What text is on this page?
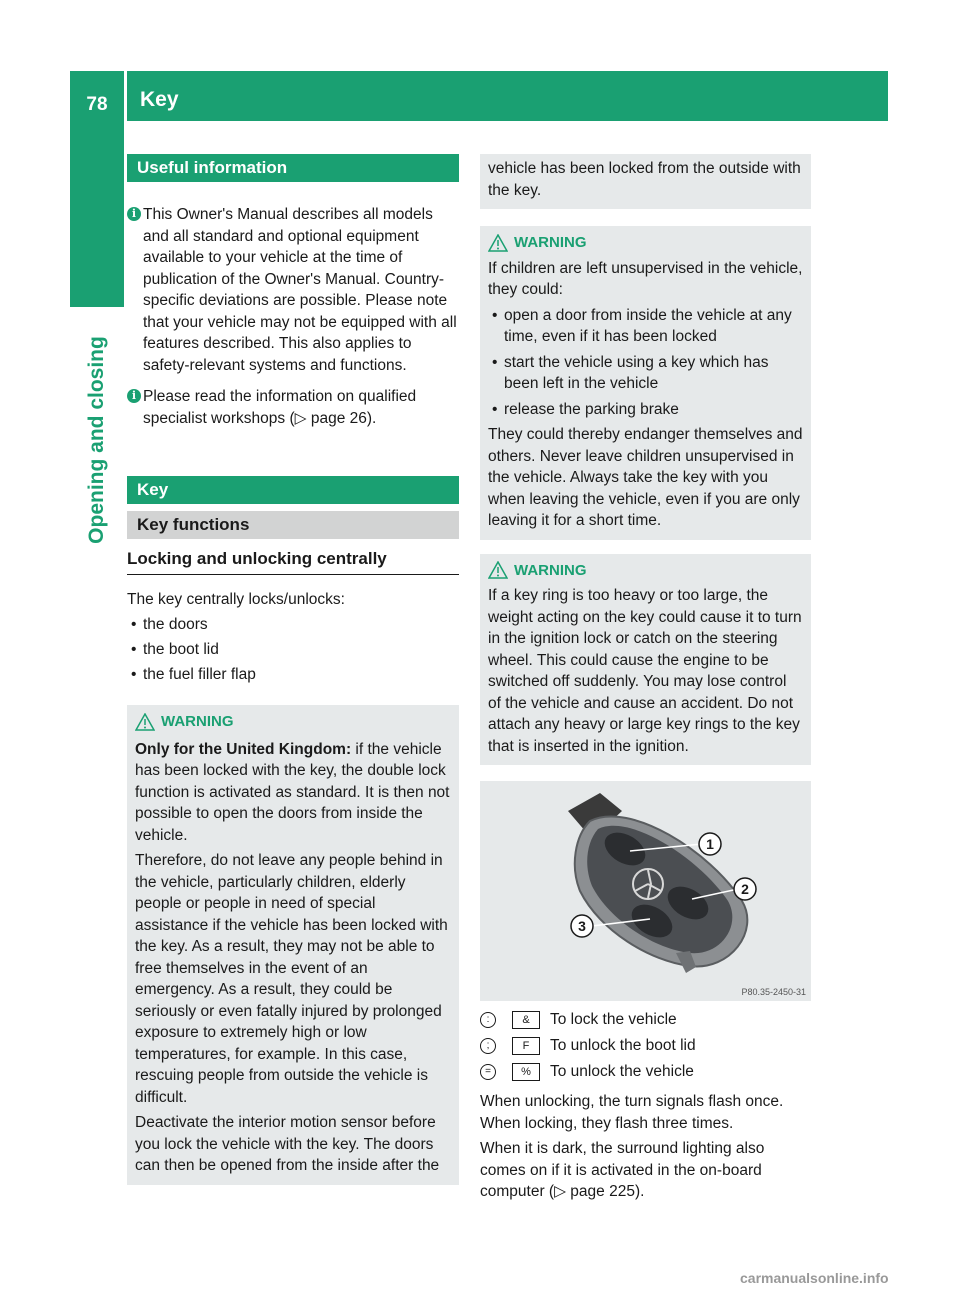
78	Key
Opening and closing
Useful information
i This Owner's Manual describes all models and all standard and optional equipment available to your vehicle at the time of publication of the Owner's Manual. Country-specific deviations are possible. Please note that your vehicle may not be equipped with all features described. This also applies to safety-relevant systems and functions.

i Please read the information on qualified specialist workshops (▷ page 26).

Key
Key functions
Locking and unlocking centrally

The key centrally locks/unlocks:

• the doors
• the boot lid
• the fuel filler flap
WARNING

Only for the United Kingdom: if the vehicle has been locked with the key, the double lock function is activated as standard. It is then not possible to open the doors from inside the vehicle.

Therefore, do not leave any people behind in the vehicle, particularly children, elderly people or people in need of special assistance if the vehicle has been locked with the key. As a result, they may not be able to free themselves in the event of an emergency. As a result, they could be seriously or even fatally injured by prolonged exposure to extremely high or low temperatures, for example. In this case, rescuing people from outside the vehicle is difficult.

Deactivate the interior motion sensor before you lock the vehicle with the key. The doors can then be opened from the inside after the

vehicle has been locked from the outside with the key.

WARNING

If children are left unsupervised in the vehicle, they could:

• open a door from inside the vehicle at any time, even if it has been locked
• start the vehicle using a key which has been left in the vehicle
• release the parking brake

They could thereby endanger themselves and others. Never leave children unsupervised in the vehicle. Always take the key with you when leaving the vehicle, even if you are only leaving it for a short time.

WARNING

If a key ring is too heavy or too large, the weight acting on the key could cause it to turn in the ignition lock or catch on the steering wheel. This could cause the engine to be switched off suddenly. You may lose control of the vehicle and cause an accident. Do not attach any heavy or large key rings to the key that is inserted in the ignition.

1
2
3
P80.35-2450-31
:	&	To lock the vehicle
;	F	To unlock the boot lid
=	%	To unlock the vehicle

When unlocking, the turn signals flash once. When locking, they flash three times.

When it is dark, the surround lighting also comes on if it is activated in the on-board computer (▷ page 225).

carmanualsonline.info
